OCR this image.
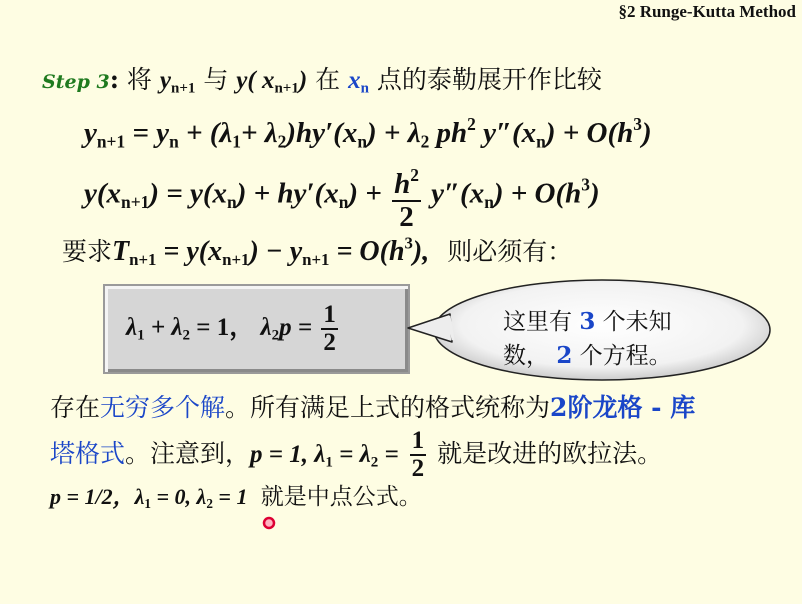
§2 Runge-Kutta Method
Step 3: 将 $y_{n+1}$ 与 y( $x_{n+1}$) 在 $x_n$ 点的泰勒展开作比较
$y_{n+1} = y_n + (\lambda_1+ \lambda_2)hy'(x_n) + \lambda_2$ $ph^2$ $y''(x_n) + O(h^3)$
$y(x_{n+1}) = y(x_n) + hy'(x_n) + \frac{h^2}{2} y''(x_n) + O(h^3)$
要求$T_{n+1} = y(x_{n+1}) - y_{n+1} = O(h^3)$, 则必须有：
$\lambda_1 + \lambda_2 = 1$， $\lambda_2p = \frac{1}{2}$	这里有 3 个未知
数， 2 个方程。
存在无穷多个解。所有满足上式的格式统称为2阶龙格 - 库
塔格式。注意到，p = 1, $\lambda_1 = \lambda_2 = \frac{1}{2}$ 就是改进的欧拉法。
p = 1/2，$\lambda_1 = 0$, $\lambda_2 = 1$ 就是中点公式。
